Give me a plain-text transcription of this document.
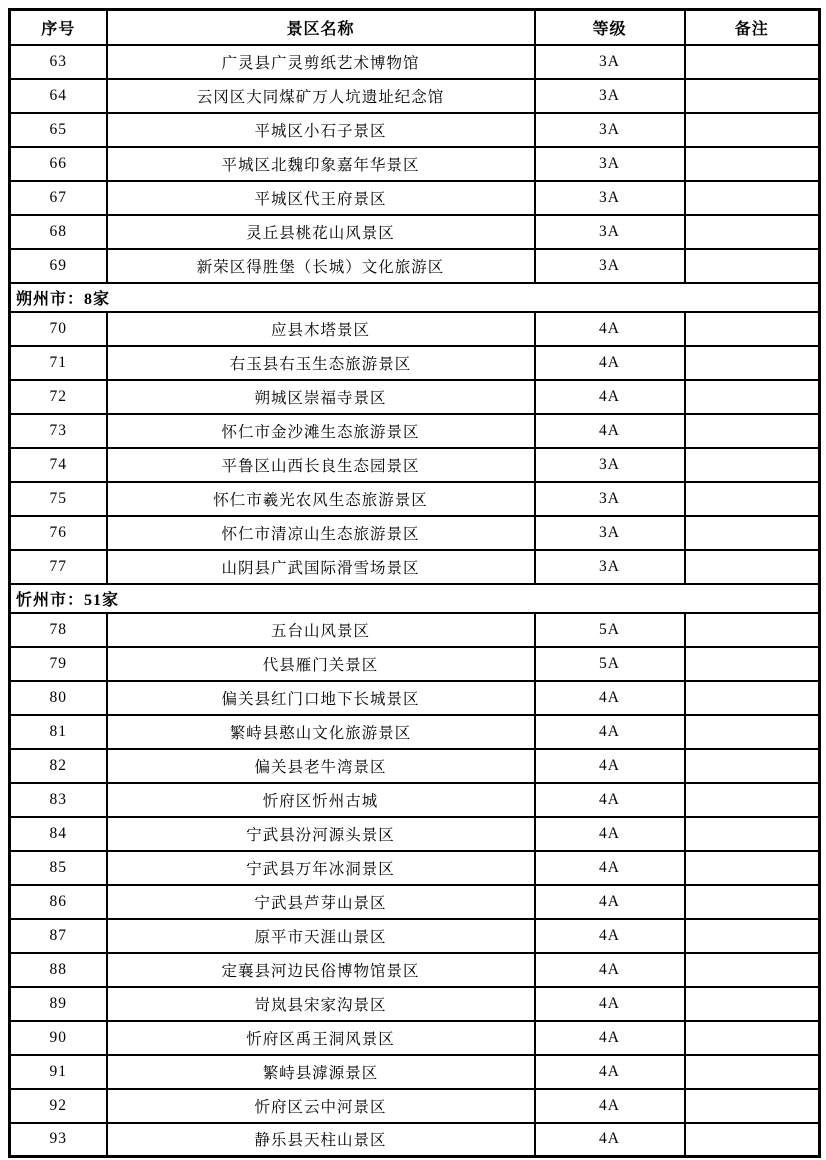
序号	景区名称	等级	备注
63	广灵县广灵剪纸艺术博物馆	3A	
64	云冈区大同煤矿万人坑遗址纪念馆	3A	
65	平城区小石子景区	3A	
66	平城区北魏印象嘉年华景区	3A	
67	平城区代王府景区	3A	
68	灵丘县桃花山风景区	3A	
69	新荣区得胜堡（长城）文化旅游区	3A	
朔州市：8家			
70	应县木塔景区	4A	
71	右玉县右玉生态旅游景区	4A	
72	朔城区崇福寺景区	4A	
73	怀仁市金沙滩生态旅游景区	4A	
74	平鲁区山西长良生态园景区	3A	
75	怀仁市羲光农风生态旅游景区	3A	
76	怀仁市清凉山生态旅游景区	3A	
77	山阴县广武国际滑雪场景区	3A	
忻州市：51家			
78	五台山风景区	5A	
79	代县雁门关景区	5A	
80	偏关县红门口地下长城景区	4A	
81	繁峙县憨山文化旅游景区	4A	
82	偏关县老牛湾景区	4A	
83	忻府区忻州古城	4A	
84	宁武县汾河源头景区	4A	
85	宁武县万年冰洞景区	4A	
86	宁武县芦芽山景区	4A	
87	原平市天涯山景区	4A	
88	定襄县河边民俗博物馆景区	4A	
89	岢岚县宋家沟景区	4A	
90	忻府区禹王洞风景区	4A	
91	繁峙县滹源景区	4A	
92	忻府区云中河景区	4A	
93	静乐县天柱山景区	4A	
